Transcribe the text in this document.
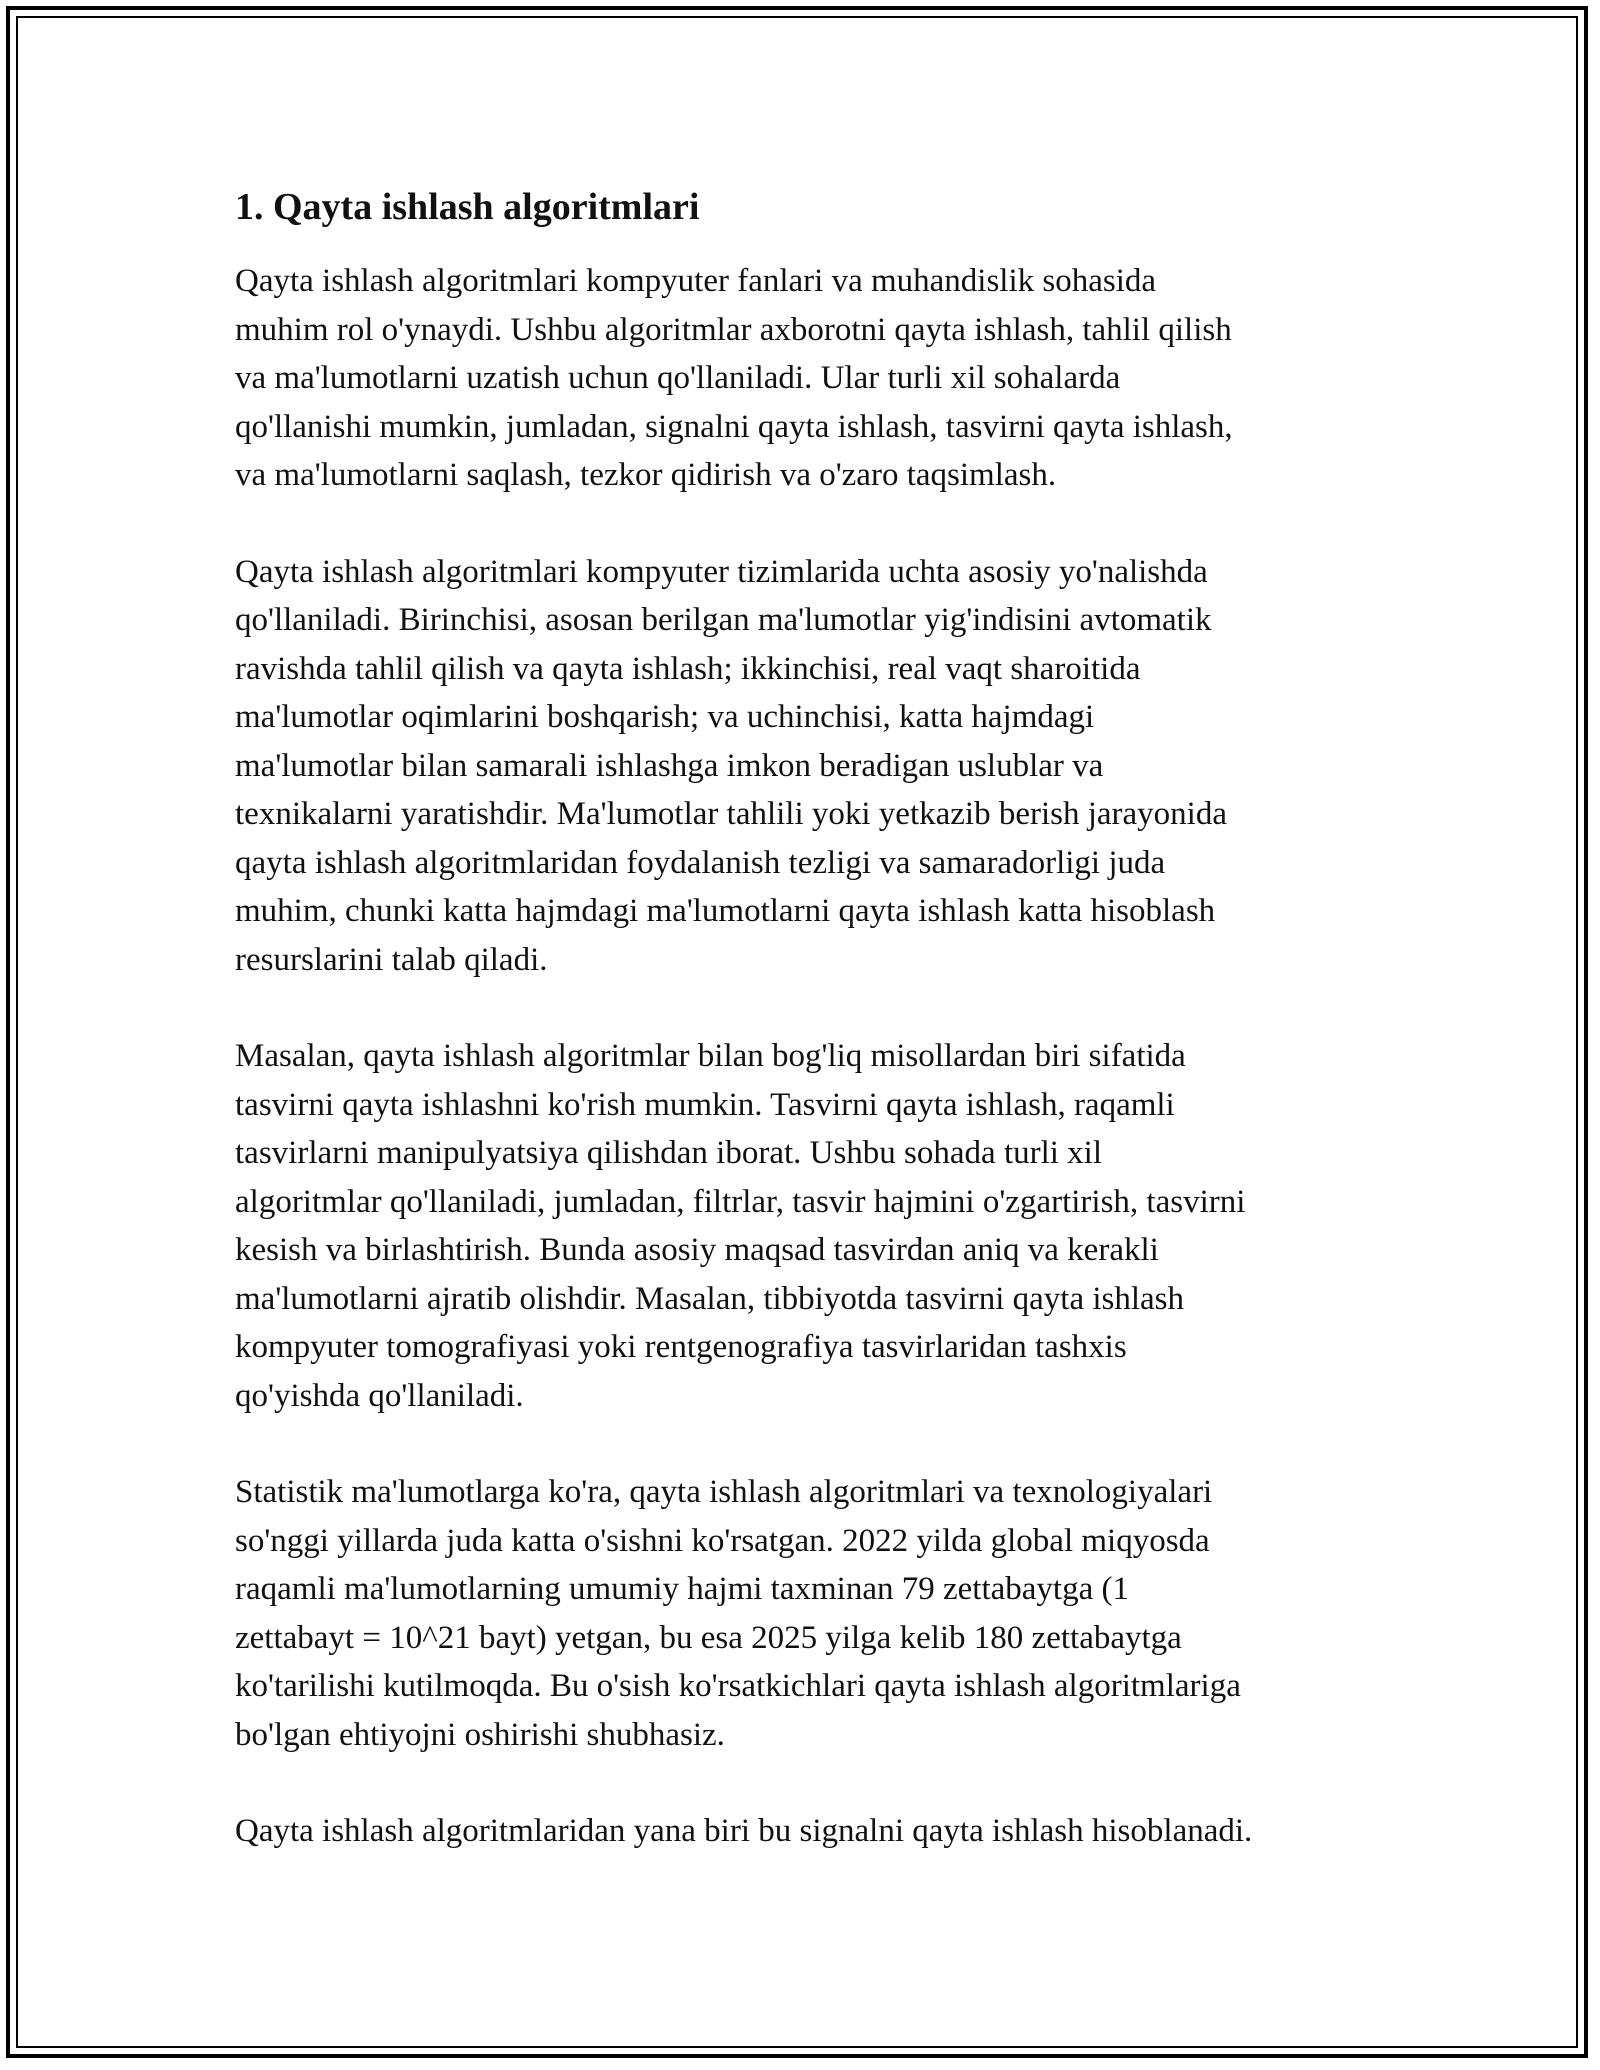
1. Qayta ishlash algoritmlari

Qayta ishlash algoritmlari kompyuter fanlari va muhandislik sohasida
muhim rol o'ynaydi. Ushbu algoritmlar axborotni qayta ishlash, tahlil qilish
va ma'lumotlarni uzatish uchun qo'llaniladi. Ular turli xil sohalarda
qo'llanishi mumkin, jumladan, signalni qayta ishlash, tasvirni qayta ishlash,
va ma'lumotlarni saqlash, tezkor qidirish va o'zaro taqsimlash.

Qayta ishlash algoritmlari kompyuter tizimlarida uchta asosiy yo'nalishda
qo'llaniladi. Birinchisi, asosan berilgan ma'lumotlar yig'indisini avtomatik
ravishda tahlil qilish va qayta ishlash; ikkinchisi, real vaqt sharoitida
ma'lumotlar oqimlarini boshqarish; va uchinchisi, katta hajmdagi
ma'lumotlar bilan samarali ishlashga imkon beradigan uslublar va
texnikalarni yaratishdir. Ma'lumotlar tahlili yoki yetkazib berish jarayonida
qayta ishlash algoritmlaridan foydalanish tezligi va samaradorligi juda
muhim, chunki katta hajmdagi ma'lumotlarni qayta ishlash katta hisoblash
resurslarini talab qiladi.

Masalan, qayta ishlash algoritmlar bilan bog'liq misollardan biri sifatida
tasvirni qayta ishlashni ko'rish mumkin. Tasvirni qayta ishlash, raqamli
tasvirlarni manipulyatsiya qilishdan iborat. Ushbu sohada turli xil
algoritmlar qo'llaniladi, jumladan, filtrlar, tasvir hajmini o'zgartirish, tasvirni
kesish va birlashtirish. Bunda asosiy maqsad tasvirdan aniq va kerakli
ma'lumotlarni ajratib olishdir. Masalan, tibbiyotda tasvirni qayta ishlash
kompyuter tomografiyasi yoki rentgenografiya tasvirlaridan tashxis
qo'yishda qo'llaniladi.

Statistik ma'lumotlarga ko'ra, qayta ishlash algoritmlari va texnologiyalari
so'nggi yillarda juda katta o'sishni ko'rsatgan. 2022 yilda global miqyosda
raqamli ma'lumotlarning umumiy hajmi taxminan 79 zettabaytga (1
zettabayt = 10^21 bayt) yetgan, bu esa 2025 yilga kelib 180 zettabaytga
ko'tarilishi kutilmoqda. Bu o'sish ko'rsatkichlari qayta ishlash algoritmlariga
bo'lgan ehtiyojni oshirishi shubhasiz.

Qayta ishlash algoritmlaridan yana biri bu signalni qayta ishlash hisoblanadi.
